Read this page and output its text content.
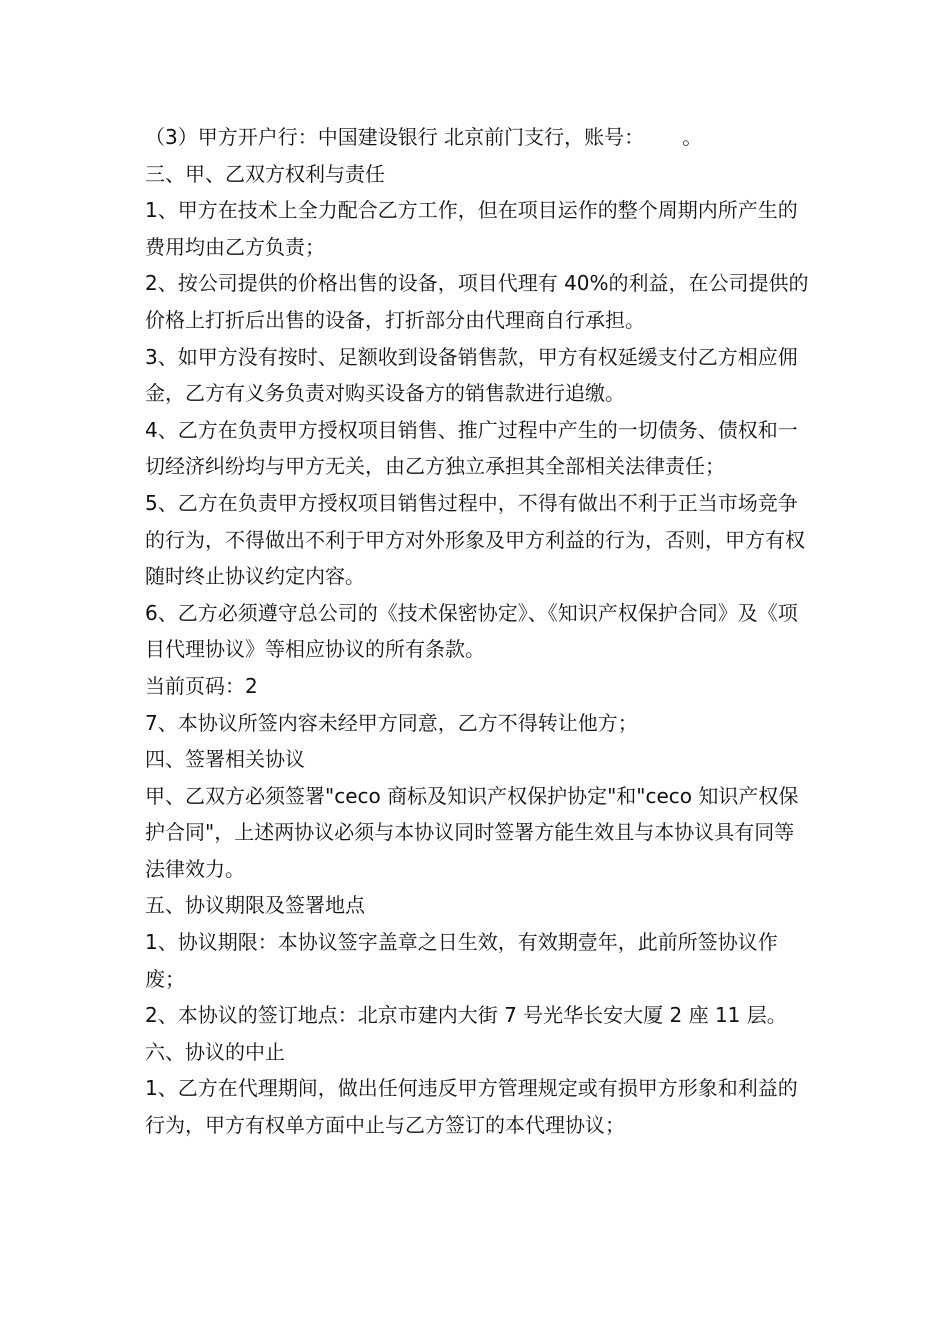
（3）甲方开户行：中国建设银行 北京前门支行，账号：      。

三、甲、乙双方权利与责任

1、甲方在技术上全力配合乙方工作，但在项目运作的整个周期内所产生的费用均由乙方负责；

2、按公司提供的价格出售的设备，项目代理有 40%的利益，在公司提供的价格上打折后出售的设备，打折部分由代理商自行承担。

3、如甲方没有按时、足额收到设备销售款，甲方有权延缓支付乙方相应佣金，乙方有义务负责对购买设备方的销售款进行追缴。

4、乙方在负责甲方授权项目销售、推广过程中产生的一切债务、债权和一切经济纠纷均与甲方无关，由乙方独立承担其全部相关法律责任；

5、乙方在负责甲方授权项目销售过程中，不得有做出不利于正当市场竞争的行为，不得做出不利于甲方对外形象及甲方利益的行为，否则，甲方有权随时终止协议约定内容。

6、乙方必须遵守总公司的《技术保密协定》、《知识产权保护合同》及《项目代理协议》等相应协议的所有条款。

当前页码：2

7、本协议所签内容未经甲方同意，乙方不得转让他方；

四、签署相关协议

甲、乙双方必须签署"ceco 商标及知识产权保护协定"和"ceco 知识产权保护合同"，上述两协议必须与本协议同时签署方能生效且与本协议具有同等法律效力。

五、协议期限及签署地点

1、协议期限：本协议签字盖章之日生效，有效期壹年，此前所签协议作废；

2、本协议的签订地点：北京市建内大街 7 号光华长安大厦 2 座 11 层。

六、协议的中止

1、乙方在代理期间，做出任何违反甲方管理规定或有损甲方形象和利益的行为，甲方有权单方面中止与乙方签订的本代理协议；
